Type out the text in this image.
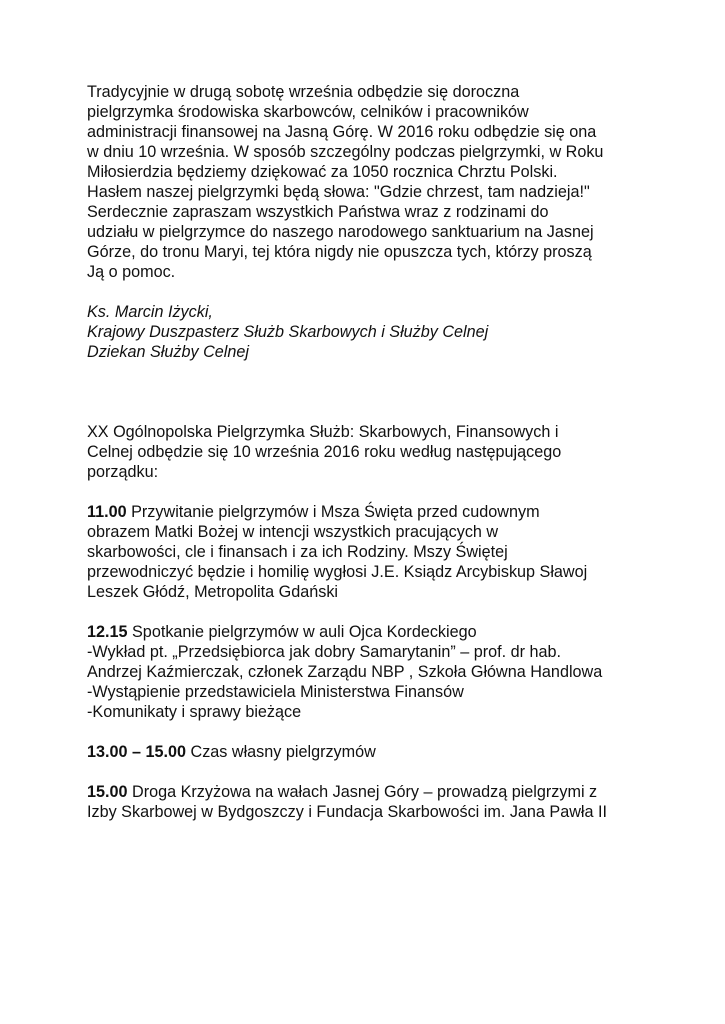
Tradycyjnie w drugą sobotę września odbędzie się doroczna
pielgrzymka środowiska skarbowców, celników i pracowników
administracji finansowej na Jasną Górę. W 2016 roku odbędzie się ona
w dniu 10 września. W sposób szczególny podczas pielgrzymki, w Roku
Miłosierdzia będziemy dziękować za 1050 rocznica Chrztu Polski.
Hasłem naszej pielgrzymki będą słowa: "Gdzie chrzest, tam nadzieja!"
Serdecznie zapraszam wszystkich Państwa wraz z rodzinami do
udziału w pielgrzymce do naszego narodowego sanktuarium na Jasnej
Górze, do tronu Maryi, tej która nigdy nie opuszcza tych, którzy proszą
Ją o pomoc.
Ks. Marcin Iżycki,
Krajowy Duszpasterz Służb Skarbowych i Służby Celnej
Dziekan Służby Celnej
XX Ogólnopolska Pielgrzymka Służb: Skarbowych, Finansowych i
Celnej odbędzie się 10 września 2016 roku według następującego
porządku:
11.00 Przywitanie pielgrzymów i Msza Święta przed cudownym
obrazem Matki Bożej w intencji wszystkich pracujących w
skarbowości, cle i finansach i za ich Rodziny. Mszy Świętej
przewodniczyć będzie i homilię wygłosi J.E. Ksiądz Arcybiskup Sławoj
Leszek Głódź, Metropolita Gdański
12.15 Spotkanie pielgrzymów w auli Ojca Kordeckiego
-Wykład pt. „Przedsiębiorca jak dobry Samarytanin” – prof. dr hab.
Andrzej Kaźmierczak, członek Zarządu NBP , Szkoła Główna Handlowa
-Wystąpienie przedstawiciela Ministerstwa Finansów
-Komunikaty i sprawy bieżące
13.00 – 15.00 Czas własny pielgrzymów
15.00 Droga Krzyżowa na wałach Jasnej Góry – prowadzą pielgrzymi z
Izby Skarbowej w Bydgoszczy i Fundacja Skarbowości im. Jana Pawła II
